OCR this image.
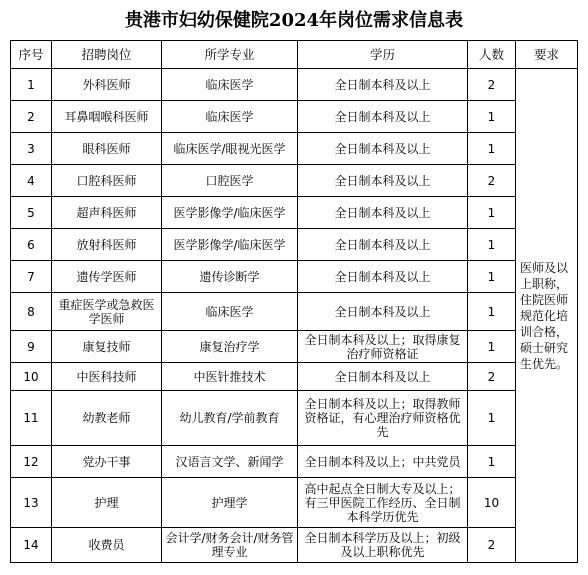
贵港市妇幼保健院2024年岗位需求信息表
序号	招聘岗位	所学专业	学历	人数	要求
1	外科医师	临床医学	全日制本科及以上	2	医师及以上职称，住院医师规范化培训合格，硕士研究生优先。
2	耳鼻咽喉科医师	临床医学	全日制本科及以上	1	
3	眼科医师	临床医学/眼视光医学	全日制本科及以上	1	
4	口腔科医师	口腔医学	全日制本科及以上	2	
5	超声科医师	医学影像学/临床医学	全日制本科及以上	1	
6	放射科医师	医学影像学/临床医学	全日制本科及以上	1	
7	遗传学医师	遗传诊断学	全日制本科及以上	1	
8	重症医学或急救医学医师	临床医学	全日制本科及以上	1	
9	康复技师	康复治疗学	全日制本科及以上；取得康复治疗师资格证	1	
10	中医科技师	中医针推技术	全日制本科及以上	2	
11	幼教老师	幼儿教育/学前教育	全日制本科及以上；取得教师资格证，有心理治疗师资格优先	1	
12	党办干事	汉语言文学、新闻学	全日制本科及以上；中共党员	1	
13	护理	护理学	高中起点全日制大专及以上；有三甲医院工作经历、全日制本科学历优先	10	
14	收费员	会计学/财务会计/财务管理专业	全日制本科学历及以上；初级及以上职称优先	2	
